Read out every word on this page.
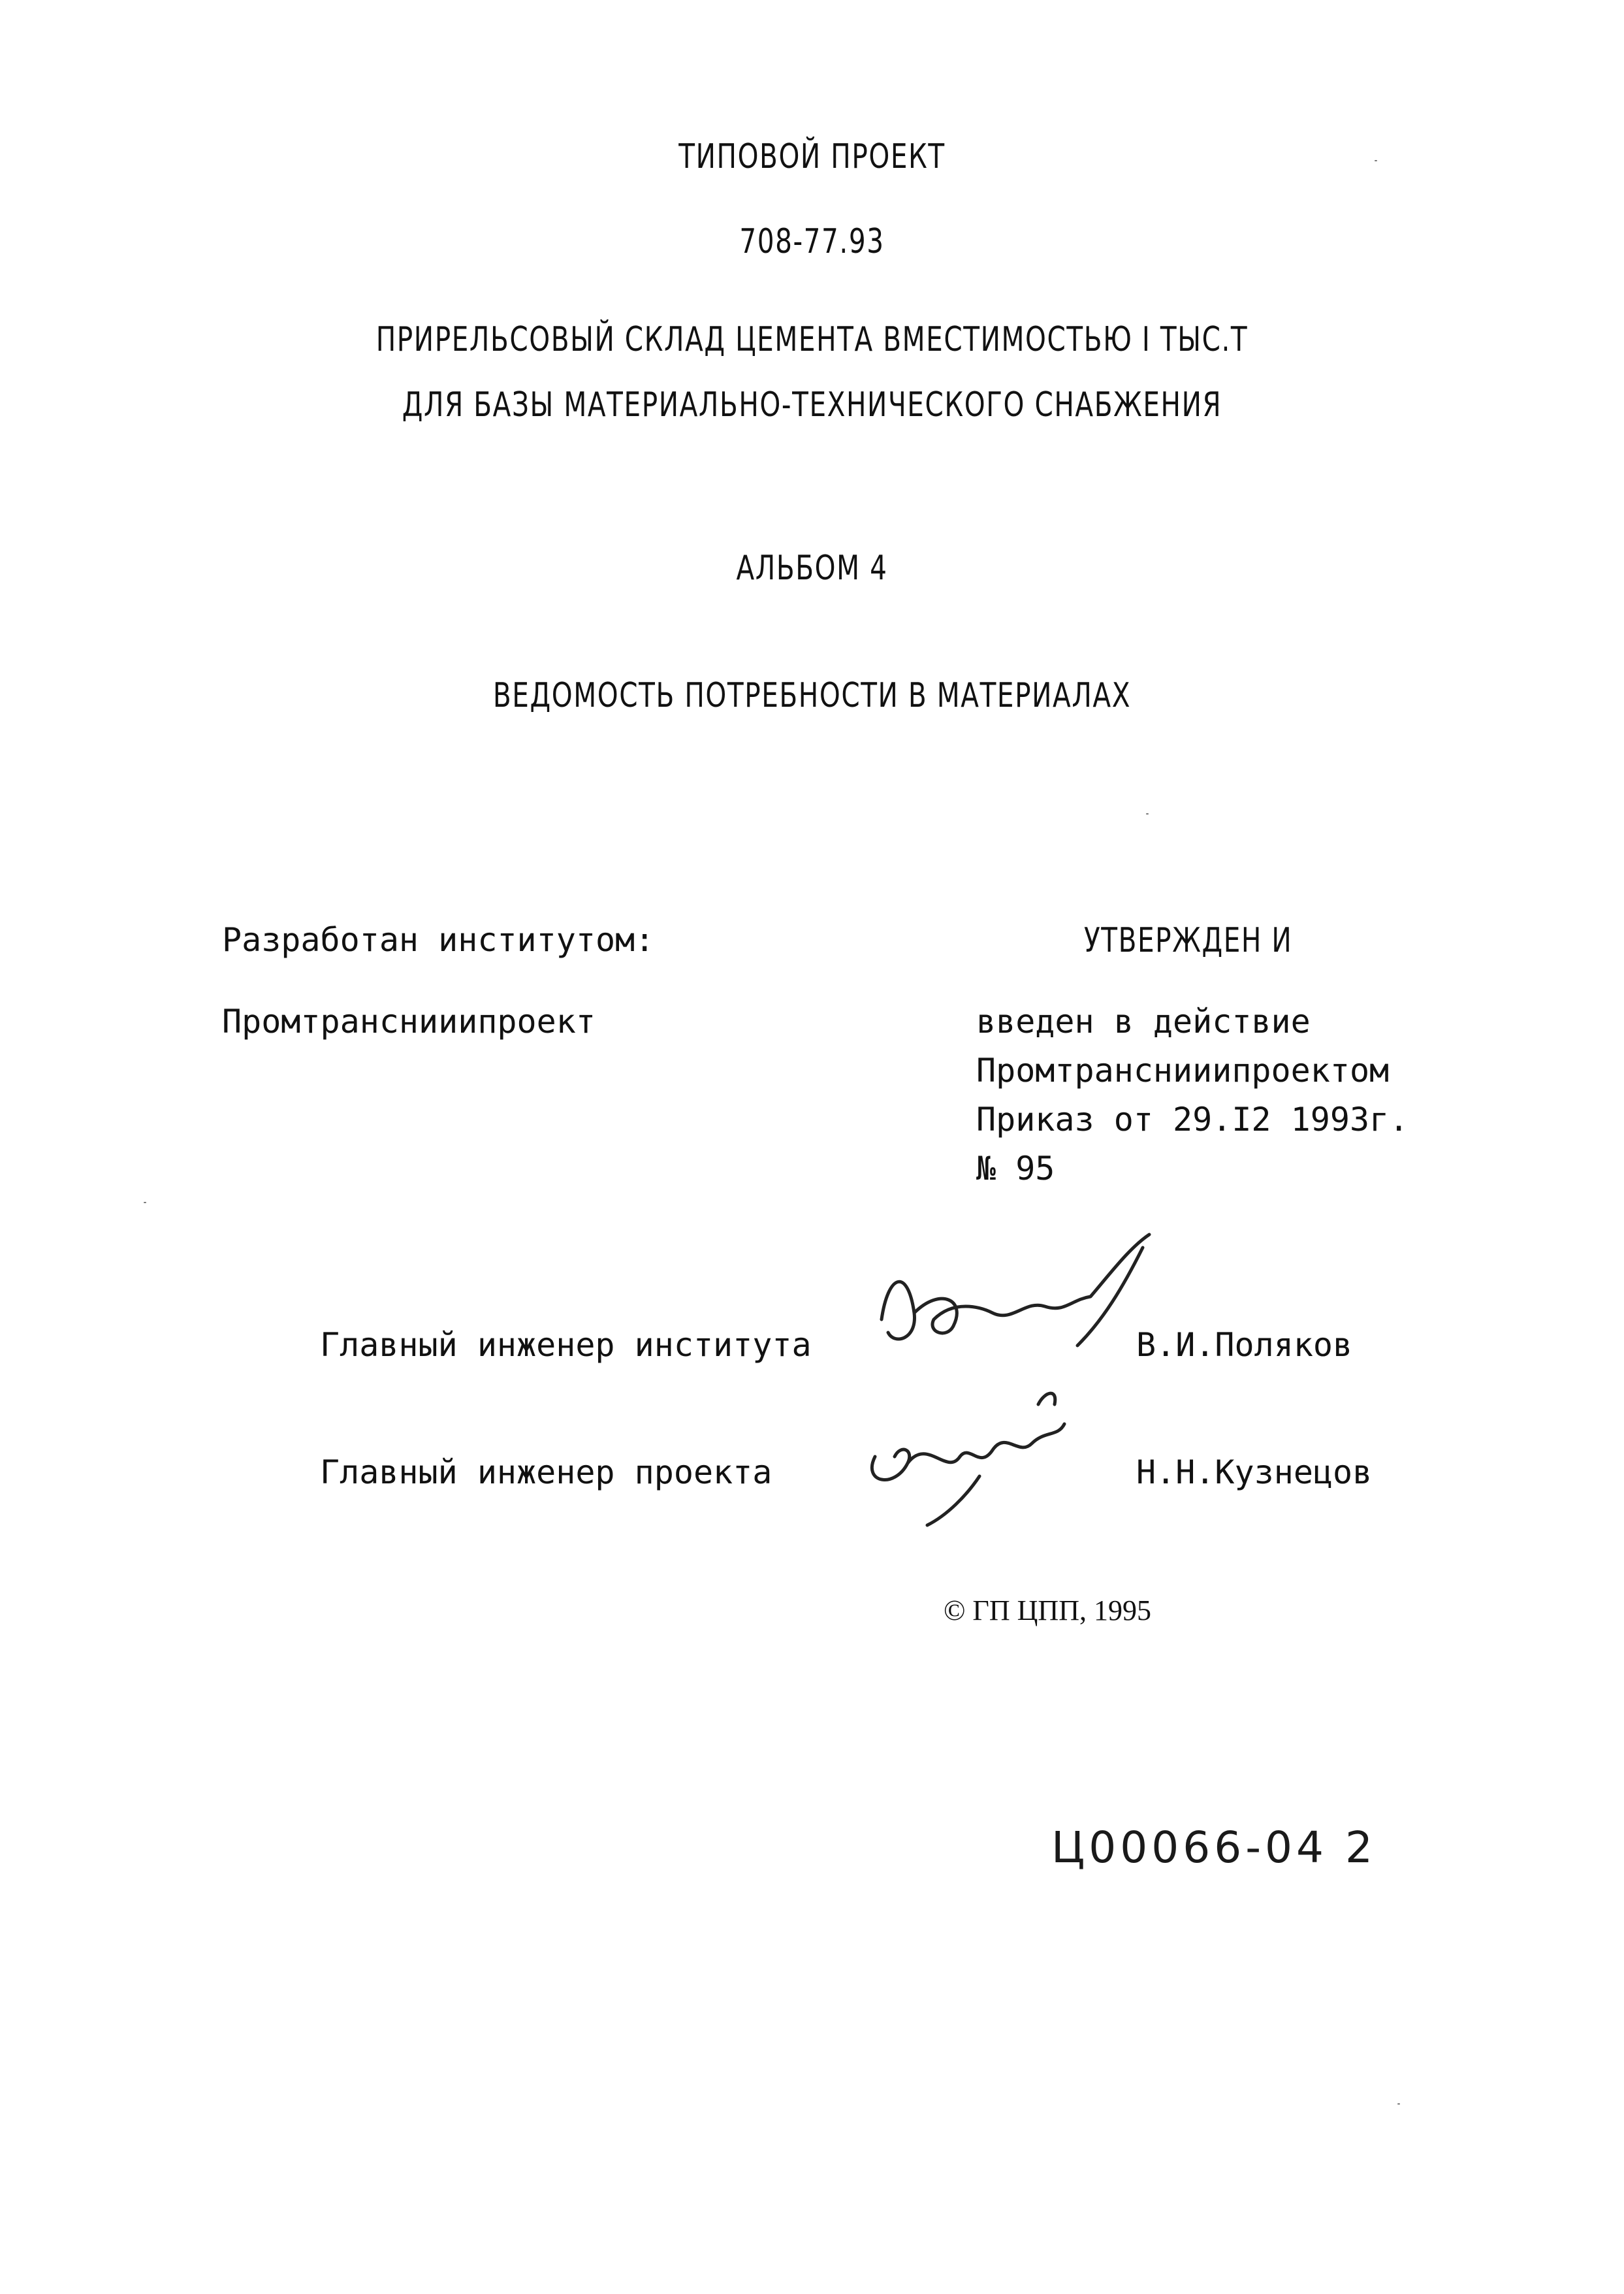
ТИПОВОЙ ПРОЕКТ
708-77.93
ПРИРЕЛЬСОВЫЙ СКЛАД ЦЕМЕНТА ВМЕСТИМОСТЬЮ I ТЫС.Т
ДЛЯ БАЗЫ МАТЕРИАЛЬНО-ТЕХНИЧЕСКОГО СНАБЖЕНИЯ
АЛЬБОМ 4
ВЕДОМОСТЬ ПОТРЕБНОСТИ В МАТЕРИАЛАХ
Разработан институтом:
Промтранснииипроект
УТВЕРЖДЕН И
введен в действие
Промтранснииипроектом
Приказ от 29.I2 1993г.
№ 95
Главный инженер института	В.И.Поляков
Главный инженер проекта	Н.Н.Кузнецов
© ГП ЦПП, 1995
Ц00066-04 2
